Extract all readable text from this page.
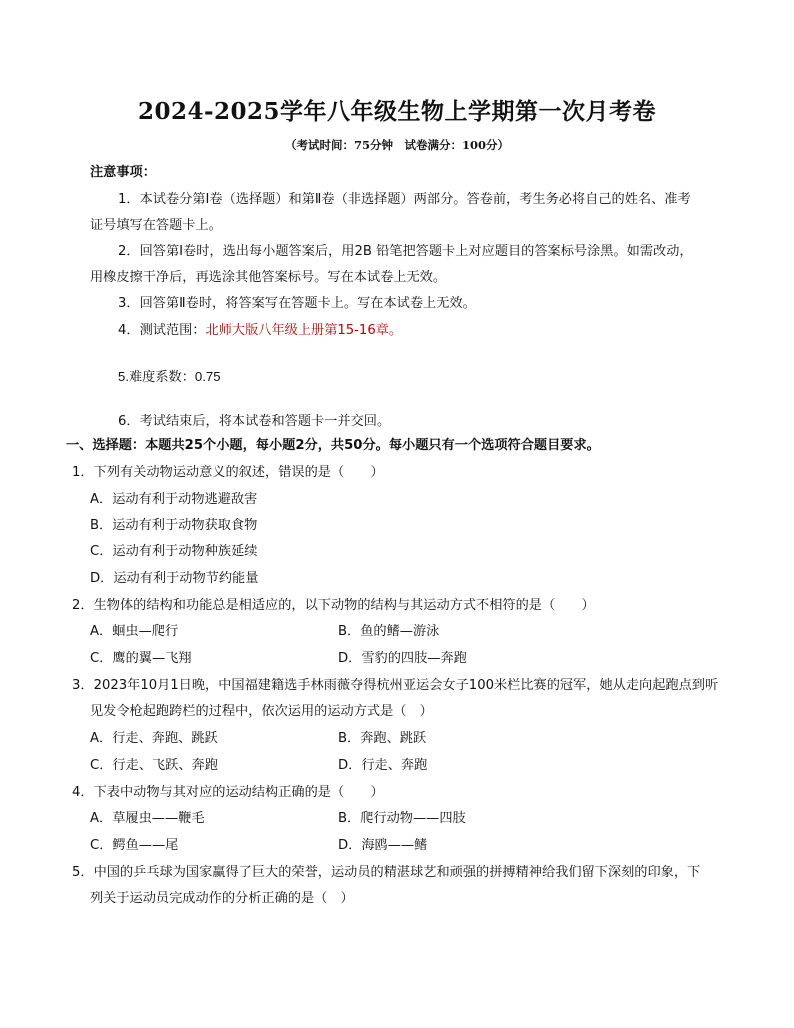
2024-2025学年八年级生物上学期第一次月考卷
（考试时间：75分钟　试卷满分：100分）
注意事项：
1．本试卷分第Ⅰ卷（选择题）和第Ⅱ卷（非选择题）两部分。答卷前，考生务必将自己的姓名、准考
证号填写在答题卡上。
2．回答第Ⅰ卷时，选出每小题答案后，用2B 铅笔把答题卡上对应题目的答案标号涂黑。如需改动，
用橡皮擦干净后，再选涂其他答案标号。写在本试卷上无效。
3．回答第Ⅱ卷时，将答案写在答题卡上。写在本试卷上无效。
4．测试范围：北师大版八年级上册第15-16章。
5.难度系数：0.75
6．考试结束后，将本试卷和答题卡一并交回。
一、选择题：本题共25个小题，每小题2分，共50分。每小题只有一个选项符合题目要求。
1．下列有关动物运动意义的叙述，错误的是（　　）
A．运动有利于动物逃避敌害
B．运动有利于动物获取食物
C．运动有利于动物种族延续
D．运动有利于动物节约能量
2．生物体的结构和功能总是相适应的，以下动物的结构与其运动方式不相符的是（　　）
A．蛔虫—爬行	B．鱼的鳍—游泳
C．鹰的翼—飞翔	D．雪豹的四肢—奔跑
3．2023年10月1日晚，中国福建籍选手林雨薇夺得杭州亚运会女子100米栏比赛的冠军，她从走向起跑点到听
见发令枪起跑跨栏的过程中，依次运用的运动方式是（　）
A．行走、奔跑、跳跃	B．奔跑、跳跃
C．行走、飞跃、奔跑	D．行走、奔跑
4．下表中动物与其对应的运动结构正确的是（　　）
A．草履虫——鞭毛	B．爬行动物——四肢
C．鳄鱼——尾	D．海鸥——鳍
5．中国的乒乓球为国家赢得了巨大的荣誉，运动员的精湛球艺和顽强的拼搏精神给我们留下深刻的印象，下
列关于运动员完成动作的分析正确的是（　）
